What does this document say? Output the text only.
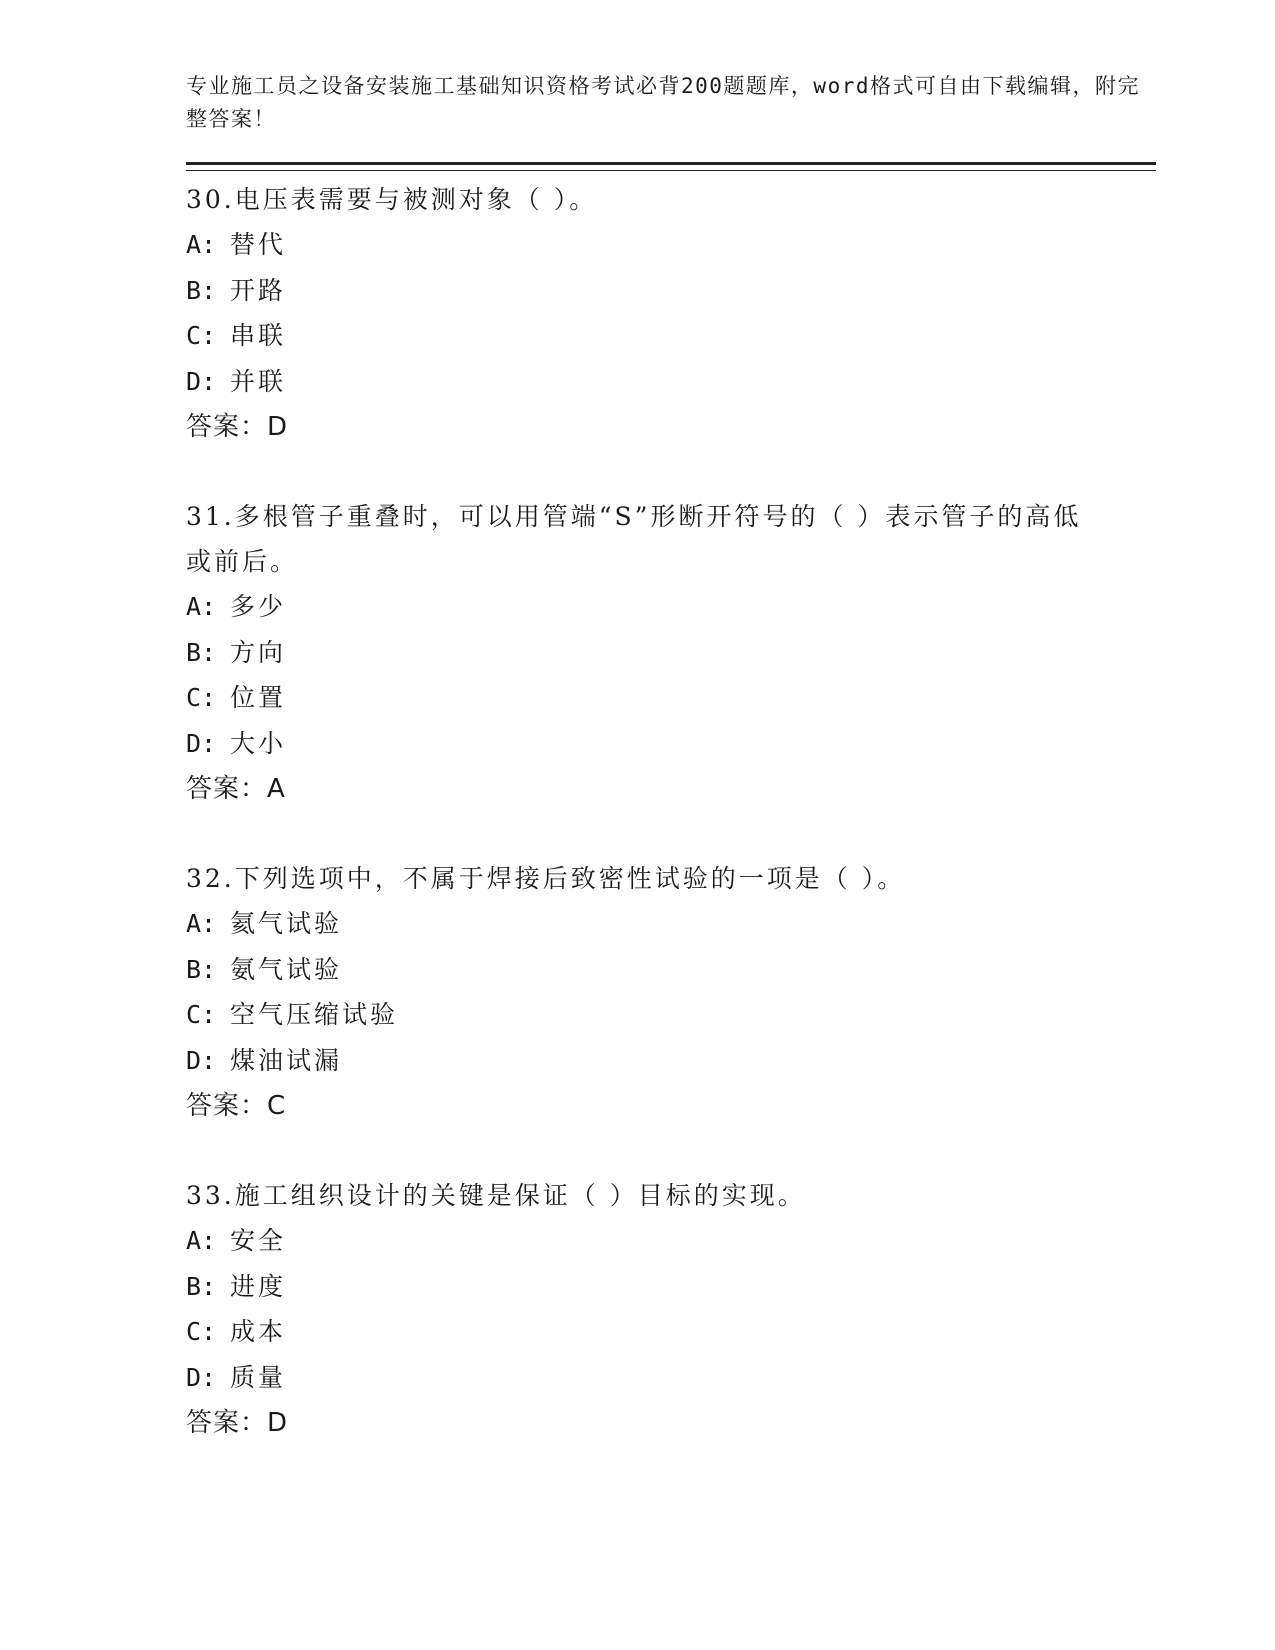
专业施工员之设备安装施工基础知识资格考试必背200题题库，word格式可自由下载编辑，附完整答案！

30.电压表需要与被测对象（ ）。

A: 替代

B: 开路

C: 串联

D: 并联

答案：D

31.多根管子重叠时，可以用管端“S”形断开符号的（ ）表示管子的高低或前后。

A: 多少

B: 方向

C: 位置

D: 大小

答案：A

32.下列选项中，不属于焊接后致密性试验的一项是（ ）。

A: 氦气试验

B: 氨气试验

C: 空气压缩试验

D: 煤油试漏

答案：C

33.施工组织设计的关键是保证（ ）目标的实现。

A: 安全

B: 进度

C: 成本

D: 质量

答案：D
